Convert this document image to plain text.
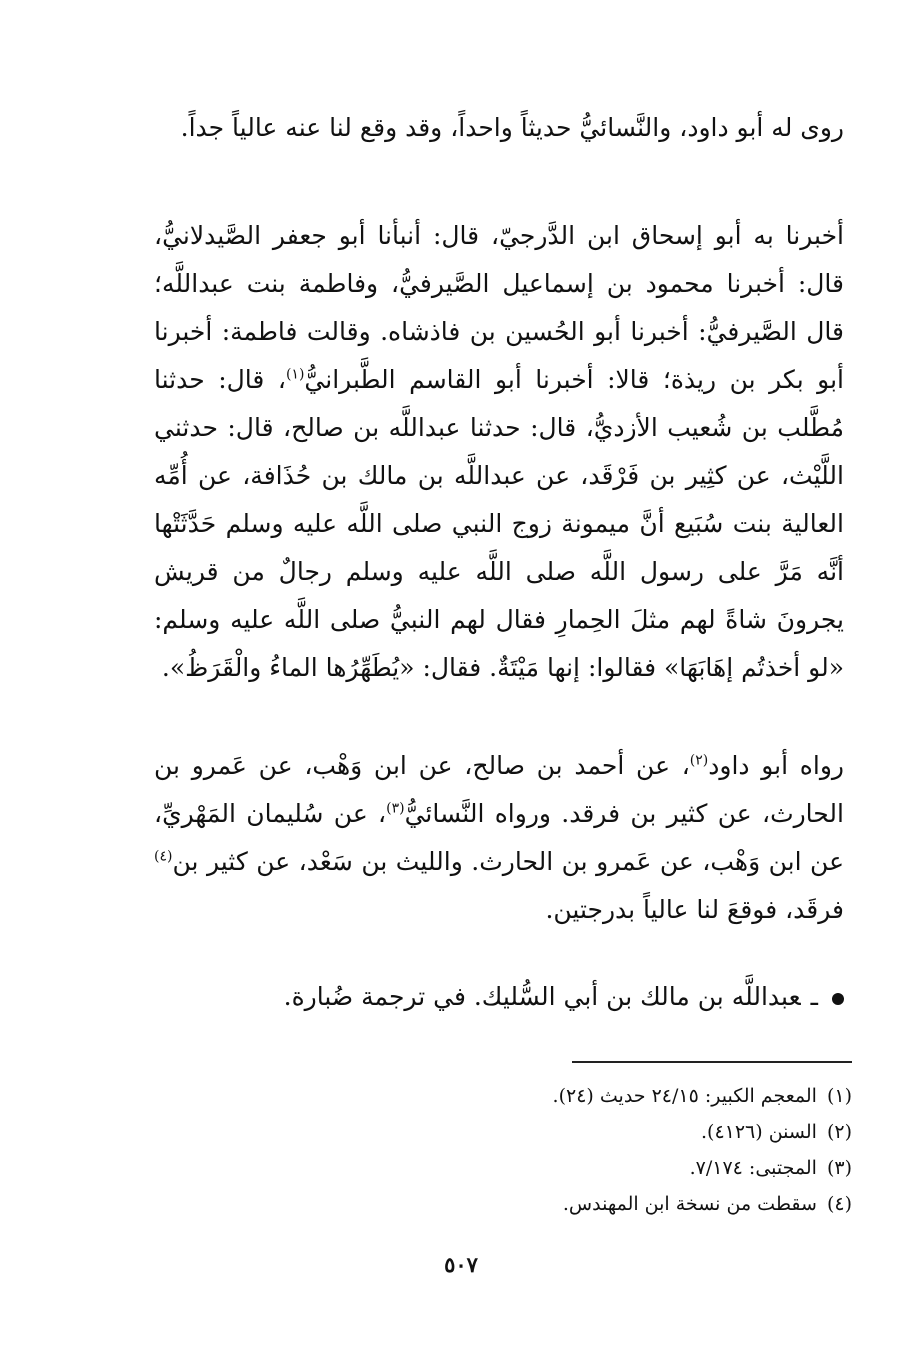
روى له أبو داود، والنَّسائيُّ حديثاً واحداً، وقد وقع لنا عنه عالياً جداً.
أخبرنا به أبو إسحاق ابن الدَّرجيّ، قال: أنبأنا أبو جعفر الصَّيدلانيُّ، قال: أخبرنا محمود بن إسماعيل الصَّيرفيُّ، وفاطمة بنت عبداللَّه؛ قال الصَّيرفيُّ: أخبرنا أبو الحُسين بن فاذشاه. وقالت فاطمة: أخبرنا أبو بكر بن ريذة؛ قالا: أخبرنا أبو القاسم الطَّبرانيُّ$^{(١)}$، قال: حدثنا مُطَّلب بن شُعيب الأزديُّ، قال: حدثنا عبداللَّه بن صالح، قال: حدثني اللَّيْث، عن كثِير بن فَرْقَد، عن عبداللَّه بن مالك بن حُذَافة، عن أُمِّه العالية بنت سُبَيع أنَّ ميمونة زوج النبي صلى اللَّه عليه وسلم حَدَّثَتْها أنَّه مَرَّ على رسول اللَّه صلى اللَّه عليه وسلم رجالٌ من قريش يجرونَ شاةً لهم مثلَ الحِمارِ فقال لهم النبيُّ صلى اللَّه عليه وسلم: «لو أخذتُم إهَابَهَا» فقالوا: إنها مَيْتَةٌ. فقال: «يُطَهِّرُها الماءُ والْقَرَظُ».
رواه أبو داود$^{(٢)}$، عن أحمد بن صالح، عن ابن وَهْب، عن عَمرو بن الحارث، عن كثير بن فرقد. ورواه النَّسائيُّ$^{(٣)}$، عن سُليمان المَهْريِّ، عن ابن وَهْب، عن عَمرو بن الحارث. والليث بن سَعْد، عن كثير بن$^{(٤)}$ فرقَد، فوقعَ لنا عالياً بدرجتين.
ـعبداللَّه بن مالك بن أبي السُّليك. في ترجمة ضُبارة.
(١)المعجم الكبير: ٢٤/١٥ حديث (٢٤).
(٢)السنن (٤١٢٦).
(٣)المجتبى: ٧/١٧٤.
(٤)سقطت من نسخة ابن المهندس.
٥٠٧
